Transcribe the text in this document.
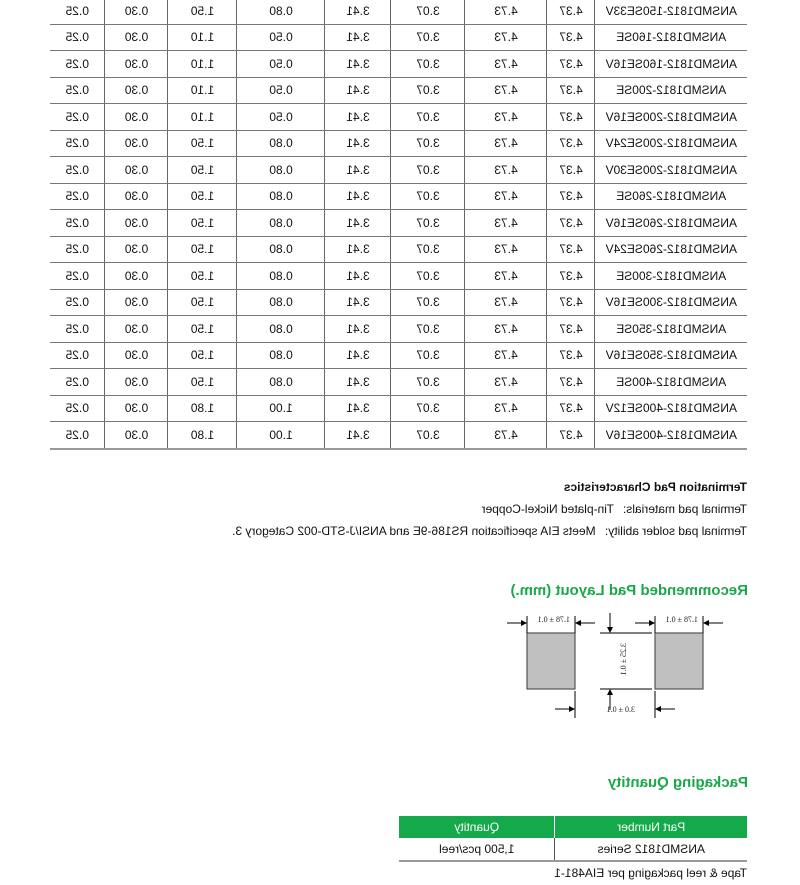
ANSMD1812-150SE33V	4.37	4.73	3.07	3.41	0.80	1.50	0.30	0.25
ANSMD1812-160SE	4.37	4.73	3.07	3.41	0.50	1.10	0.30	0.25
ANSMD1812-160SE16V	4.37	4.73	3.07	3.41	0.50	1.10	0.30	0.25
ANSMD1812-200SE	4.37	4.73	3.07	3.41	0.50	1.10	0.30	0.25
ANSMD1812-200SE16V	4.37	4.73	3.07	3.41	0.50	1.10	0.30	0.25
ANSMD1812-200SE24V	4.37	4.73	3.07	3.41	0.80	1.50	0.30	0.25
ANSMD1812-200SE30V	4.37	4.73	3.07	3.41	0.80	1.50	0.30	0.25
ANSMD1812-260SE	4.37	4.73	3.07	3.41	0.80	1.50	0.30	0.25
ANSMD1812-260SE16V	4.37	4.73	3.07	3.41	0.80	1.50	0.30	0.25
ANSMD1812-260SE24V	4.37	4.73	3.07	3.41	0.80	1.50	0.30	0.25
ANSMD1812-300SE	4.37	4.73	3.07	3.41	0.80	1.50	0.30	0.25
ANSMD1812-300SE16V	4.37	4.73	3.07	3.41	0.80	1.50	0.30	0.25
ANSMD1812-350SE	4.37	4.73	3.07	3.41	0.80	1.50	0.30	0.25
ANSMD1812-350SE16V	4.37	4.73	3.07	3.41	0.80	1.50	0.30	0.25
ANSMD1812-400SE	4.37	4.73	3.07	3.41	0.80	1.50	0.30	0.25
ANSMD1812-400SE12V	4.37	4.73	3.07	3.41	1.00	1.80	0.30	0.25
ANSMD1812-400SE16V	4.37	4.73	3.07	3.41	1.00	1.80	0.30	0.25
Termination Pad Characteristics
Terminal pad materials: Tin-plated Nickel-Copper
Terminal pad solder ability: Meets EIA specification RS186-9E and ANSI/J-STD-002 Category 3.
Recommended Pad Layout (mm.)
1.78 ± 0.1
1.78 ± 0.1
3.0 ± 0.1
3.25 ± 0.1
Packaging Quantity
Part Number	Quantity
ANSMD1812 Series	1,500 pcs/reel
Tape & reel packaging per EIA481-1
